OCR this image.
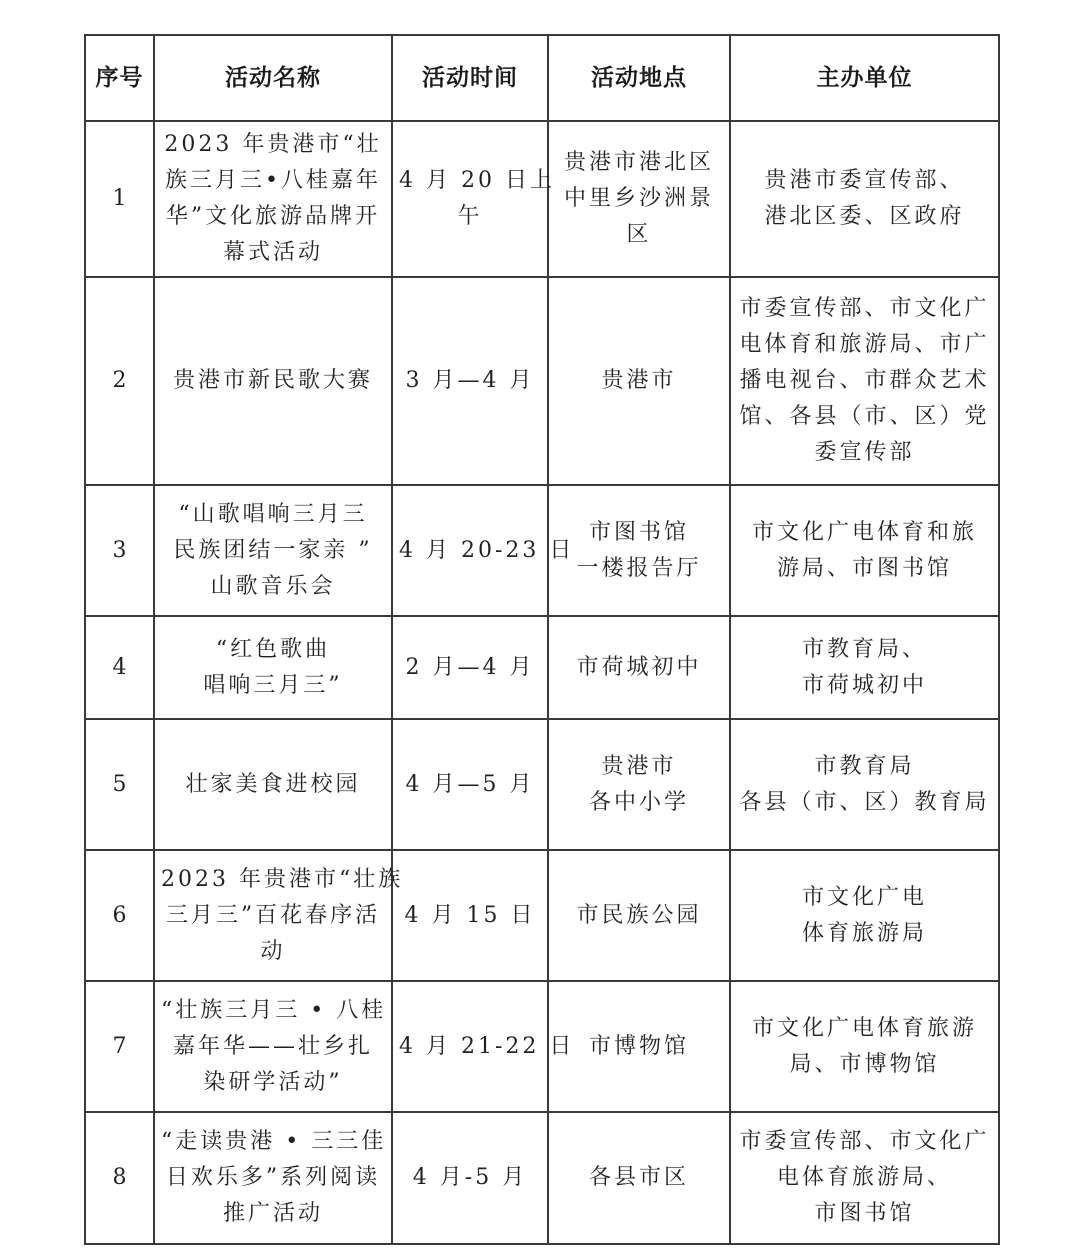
序号	活动名称	活动时间	活动地点	主办单位
1	2023 年贵港市“壮
族三月三•八桂嘉年
华”文化旅游品牌开
幕式活动	4 月 20 日上
午	贵港市港北区
中里乡沙洲景
区	贵港市委宣传部、
港北区委、区政府

2	贵港市新民歌大赛	3 月—4 月	贵港市	市委宣传部、市文化广
电体育和旅游局、市广
播电视台、市群众艺术
馆、各县（市、区）党
委宣传部

3	“山歌唱响三月三
民族团结一家亲 ”
山歌音乐会	4 月 20-23 日	市图书馆
一楼报告厅	市文化广电体育和旅
游局、市图书馆

4	“红色歌曲
唱响三月三”	2 月—4 月	市荷城初中	市教育局、
市荷城初中

5	壮家美食进校园	4 月—5 月	贵港市
各中小学	市教育局
各县（市、区）教育局

6	2023 年贵港市“壮族
三月三”百花春序活
动	4 月 15 日	市民族公园	市文化广电
体育旅游局

7	“壮族三月三 • 八桂
嘉年华——壮乡扎
染研学活动”	4 月 21-22 日	市博物馆	市文化广电体育旅游
局、市博物馆

8	“走读贵港 • 三三佳
日欢乐多”系列阅读
推广活动	4 月-5 月	各县市区	市委宣传部、市文化广
电体育旅游局、
市图书馆
